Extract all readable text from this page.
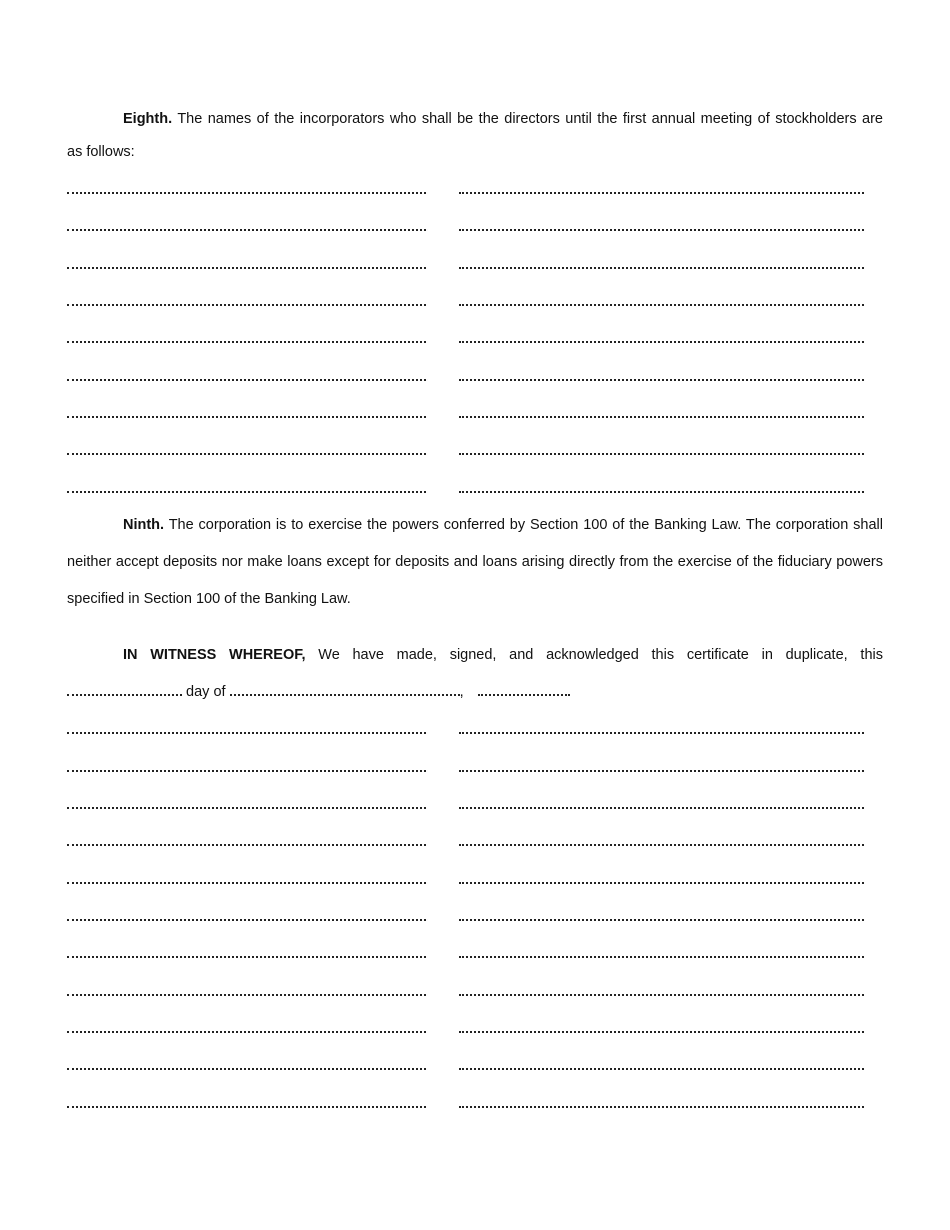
Eighth. The names of the incorporators who shall be the directors until the first annual meeting of stockholders are
as follows:
Ninth. The corporation is to exercise the powers conferred by Section 100 of the Banking Law. The corporation shall
neither accept deposits nor make loans except for deposits and loans arising directly from the exercise of the fiduciary powers
specified in Section 100 of the Banking Law.
IN WITNESS WHEREOF, We have made, signed, and acknowledged this certificate in duplicate, this
day of	,
